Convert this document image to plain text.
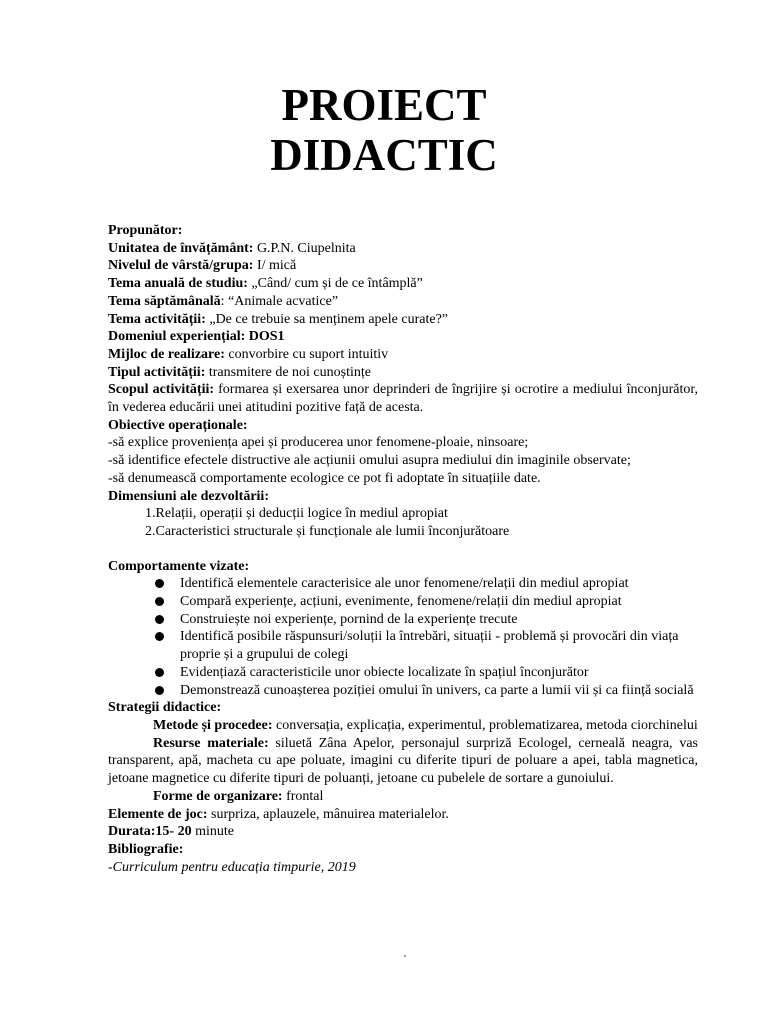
PROIECT
DIDACTIC
Propunător:
Unitatea de învățământ: G.P.N. Ciupelnita
Nivelul de vârstă/grupa: I/ mică
Tema anuală de studiu: „Când/ cum și de ce întâmplă”
Tema săptămânală: “Animale acvatice”
Tema activității: „De ce trebuie sa menținem apele curate?”
Domeniul experiențial: DOS1
Mijloc de realizare: convorbire cu suport intuitiv
Tipul activității: transmitere de noi cunoștințe
Scopul activității: formarea și exersarea unor deprinderi de îngrijire și ocrotire a mediului înconjurător, în vederea educării unei atitudini pozitive față de acesta.
Obiective operaționale:
-să explice proveniența apei și producerea unor fenomene-ploaie, ninsoare;
-să identifice efectele distructive ale acțiunii omului asupra mediului din imaginile observate;
-să denumească comportamente ecologice ce pot fi adoptate în situațiile date.
Dimensiuni ale dezvoltării:
1.Relații, operații și deducții logice în mediul apropiat
2.Caracteristici structurale și funcționale ale lumii înconjurătoare
Comportamente vizate:
Identifică elementele caracterisice ale unor fenomene/relații din mediul apropiat
Compară experiențe, acțiuni, evenimente, fenomene/relații din mediul apropiat
Construiește noi experiențe, pornind de la experiențe trecute
Identifică posibile răspunsuri/soluții la întrebări, situații - problemă și provocări din viața proprie și a grupului de colegi
Evidențiază caracteristicile unor obiecte localizate în spațiul înconjurător
Demonstrează cunoașterea poziției omului în univers, ca parte a lumii vii și ca ființă socială
Strategii didactice:
Metode și procedee: conversația, explicația, experimentul, problematizarea, metoda ciorchinelui
Resurse materiale: siluetă Zâna Apelor, personajul surpriză Ecologel, cerneală neagra, vas transparent, apă, macheta cu ape poluate, imagini cu diferite tipuri de poluare a apei, tabla magnetica, jetoane magnetice cu diferite tipuri de poluanți, jetoane cu pubelele de sortare a gunoiului.
Forme de organizare: frontal
Elemente de joc: surpriza, aplauzele, mânuirea materialelor.
Durata:15- 20 minute
Bibliografie:
-Curriculum pentru educația timpurie, 2019
